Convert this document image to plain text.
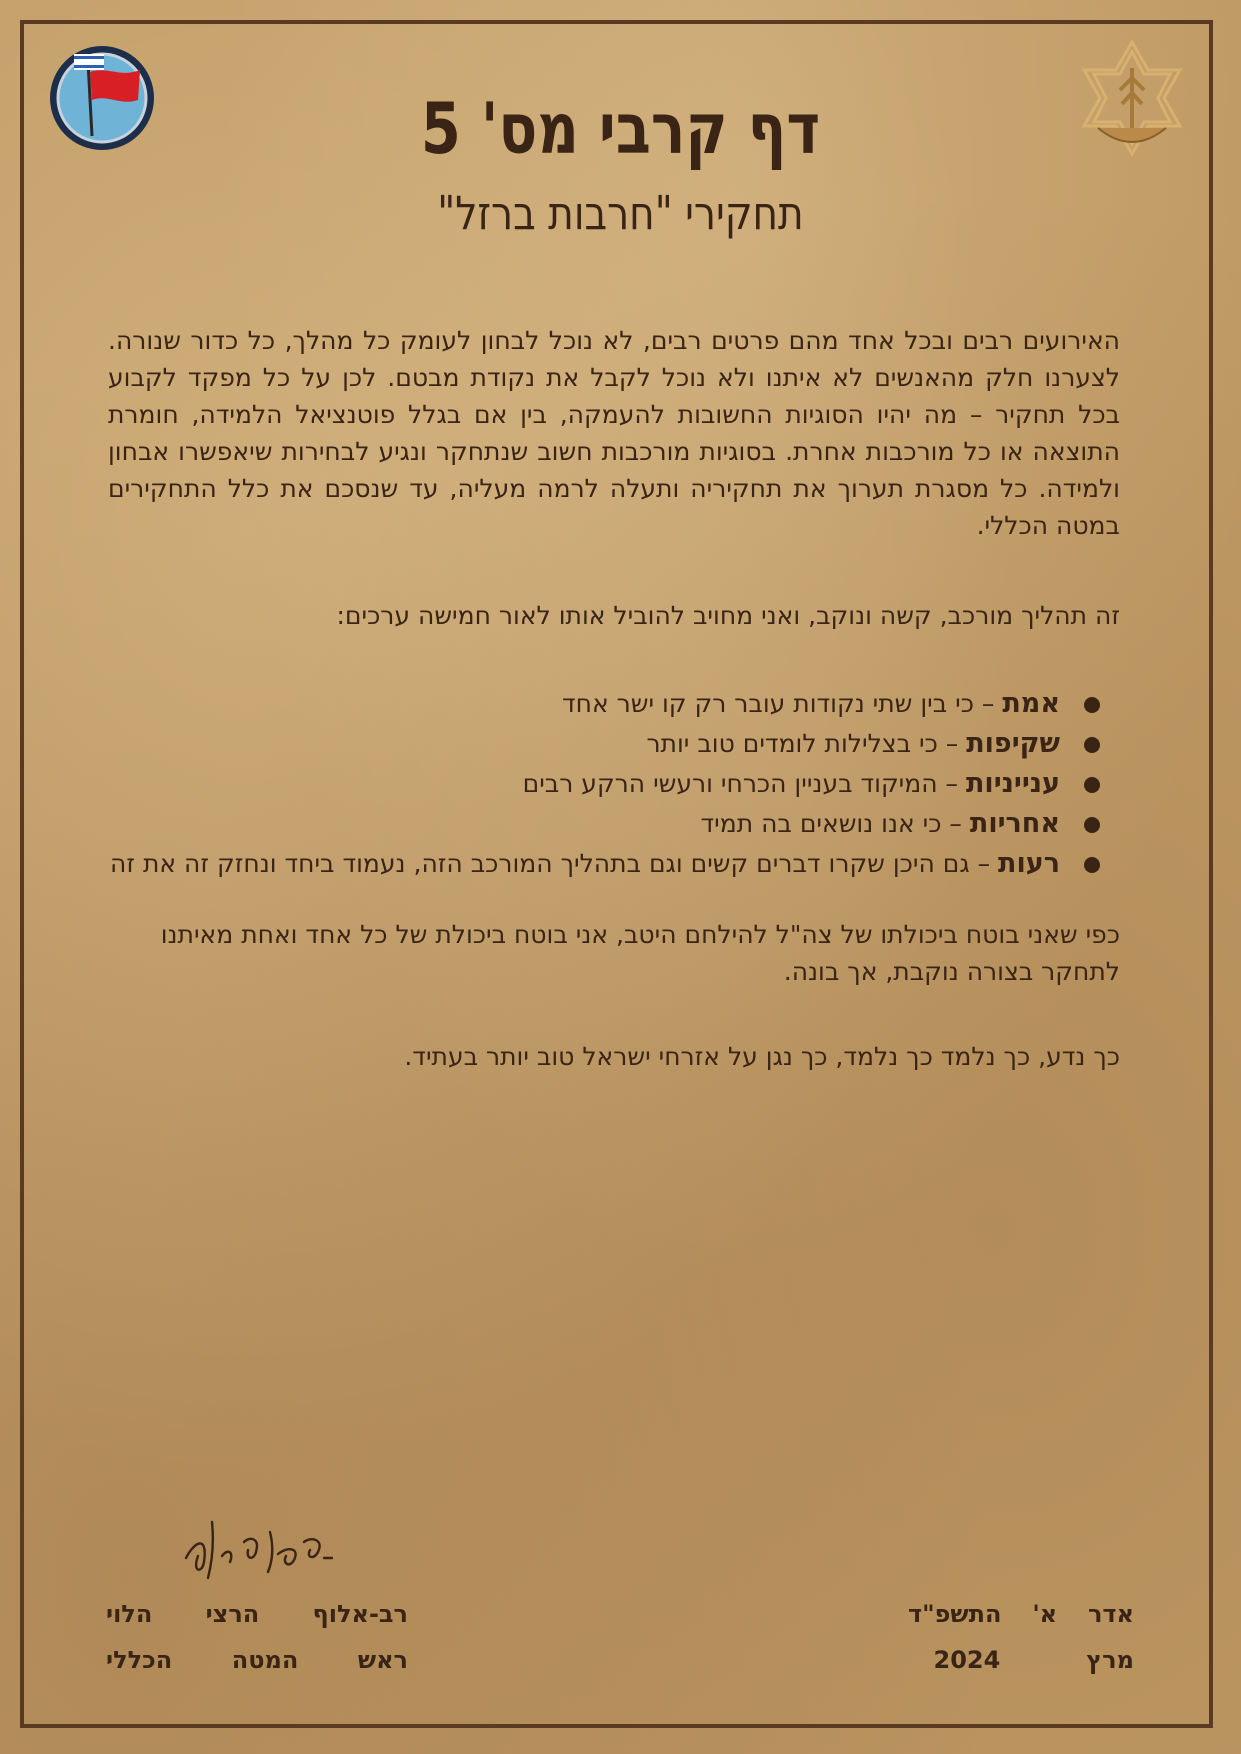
דף קרבי מס' 5
תחקירי "חרבות ברזל"
האירועים רבים ובכל אחד מהם פרטים רבים, לא נוכל לבחון לעומק כל מהלך, כל כדור שנורה. לצערנו חלק מהאנשים לא איתנו ולא נוכל לקבל את נקודת מבטם. לכן על כל מפקד לקבוע בכל תחקיר – מה יהיו הסוגיות החשובות להעמקה, בין אם בגלל פוטנציאל הלמידה, חומרת התוצאה או כל מורכבות אחרת. בסוגיות מורכבות חשוב שנתחקר ונגיע לבחירות שיאפשרו אבחון ולמידה. כל מסגרת תערוך את תחקיריה ותעלה לרמה מעליה, עד שנסכם את כלל התחקירים במטה הכללי.
זה תהליך מורכב, קשה ונוקב, ואני מחויב להוביל אותו לאור חמישה ערכים:
אמת – כי בין שתי נקודות עובר רק קו ישר אחד
שקיפות – כי בצלילות לומדים טוב יותר
ענייניות – המיקוד בעניין הכרחי ורעשי הרקע רבים
אחריות – כי אנו נושאים בה תמיד
רעות – גם היכן שקרו דברים קשים וגם בתהליך המורכב הזה, נעמוד ביחד ונחזק זה את זה
כפי שאני בוטח ביכולתו של צה"ל להילחם היטב, אני בוטח ביכולת של כל אחד ואחת מאיתנו לתחקר בצורה נוקבת, אך בונה.
כך נדע, כך נלמד כך נלמד, כך נגן על אזרחי ישראל טוב יותר בעתיד.
רב-אלוף
הרצי
הלוי
ראש
המטה
הכללי
אדר
א'
התשפ"ד
מרץ
2024
